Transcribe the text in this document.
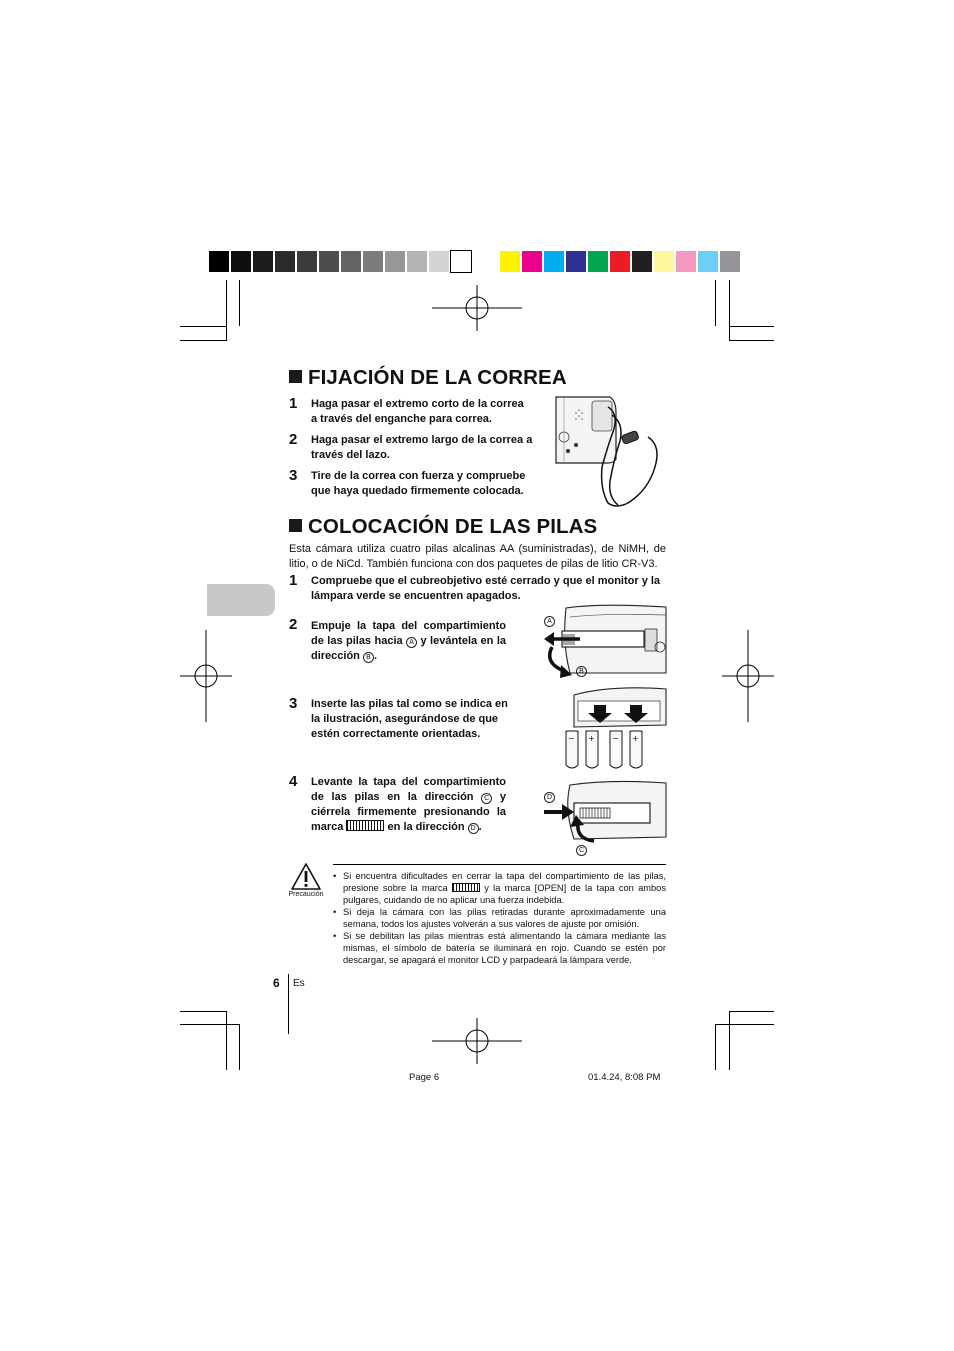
FIJACIÓN DE LA CORREA
1 Haga pasar el extremo corto de la correa a través del enganche para correa.
2 Haga pasar el extremo largo de la correa a través del lazo.
3 Tire de la correa con fuerza y compruebe que haya quedado firmemente colocada.
COLOCACIÓN DE LAS PILAS
Esta cámara utiliza cuatro pilas alcalinas AA (suministradas), de NiMH, de litio, o de NiCd. También funciona con dos paquetes de pilas de litio CR-V3.
1 Compruebe que el cubreobjetivo esté cerrado y que el monitor y la lámpara verde se encuentren apagados.
2 Empuje la tapa del compartimiento de las pilas hacia A y levántela en la dirección B .
3 Inserte las pilas tal como se indica en la ilustración, asegurándose de que estén correctamente orientadas.
4 Levante la tapa del compartimiento de las pilas en la dirección C y ciérrela firmemente presionando la marca	en la dirección D .
A
B
− + − +
D
C
Precaución
• Si encuentra dificultades en cerrar la tapa del compartimiento de las pilas, presione sobre la marca	y la marca [OPEN] de la tapa con ambos pulgares, cuidando de no aplicar una fuerza indebida.
• Si deja la cámara con las pilas retiradas durante aproximadamente una semana, todos los ajustes volverán a sus valores de ajuste por omisión.
• Si se debilitan las pilas mientras está alimentando la cámara mediante las mismas, el símbolo de batería se iluminará en rojo. Cuando se estén por descargar, se apagará el monitor LCD y parpadeará la lámpara verde.
6 Es
Page 6	01.4.24, 8:08 PM
